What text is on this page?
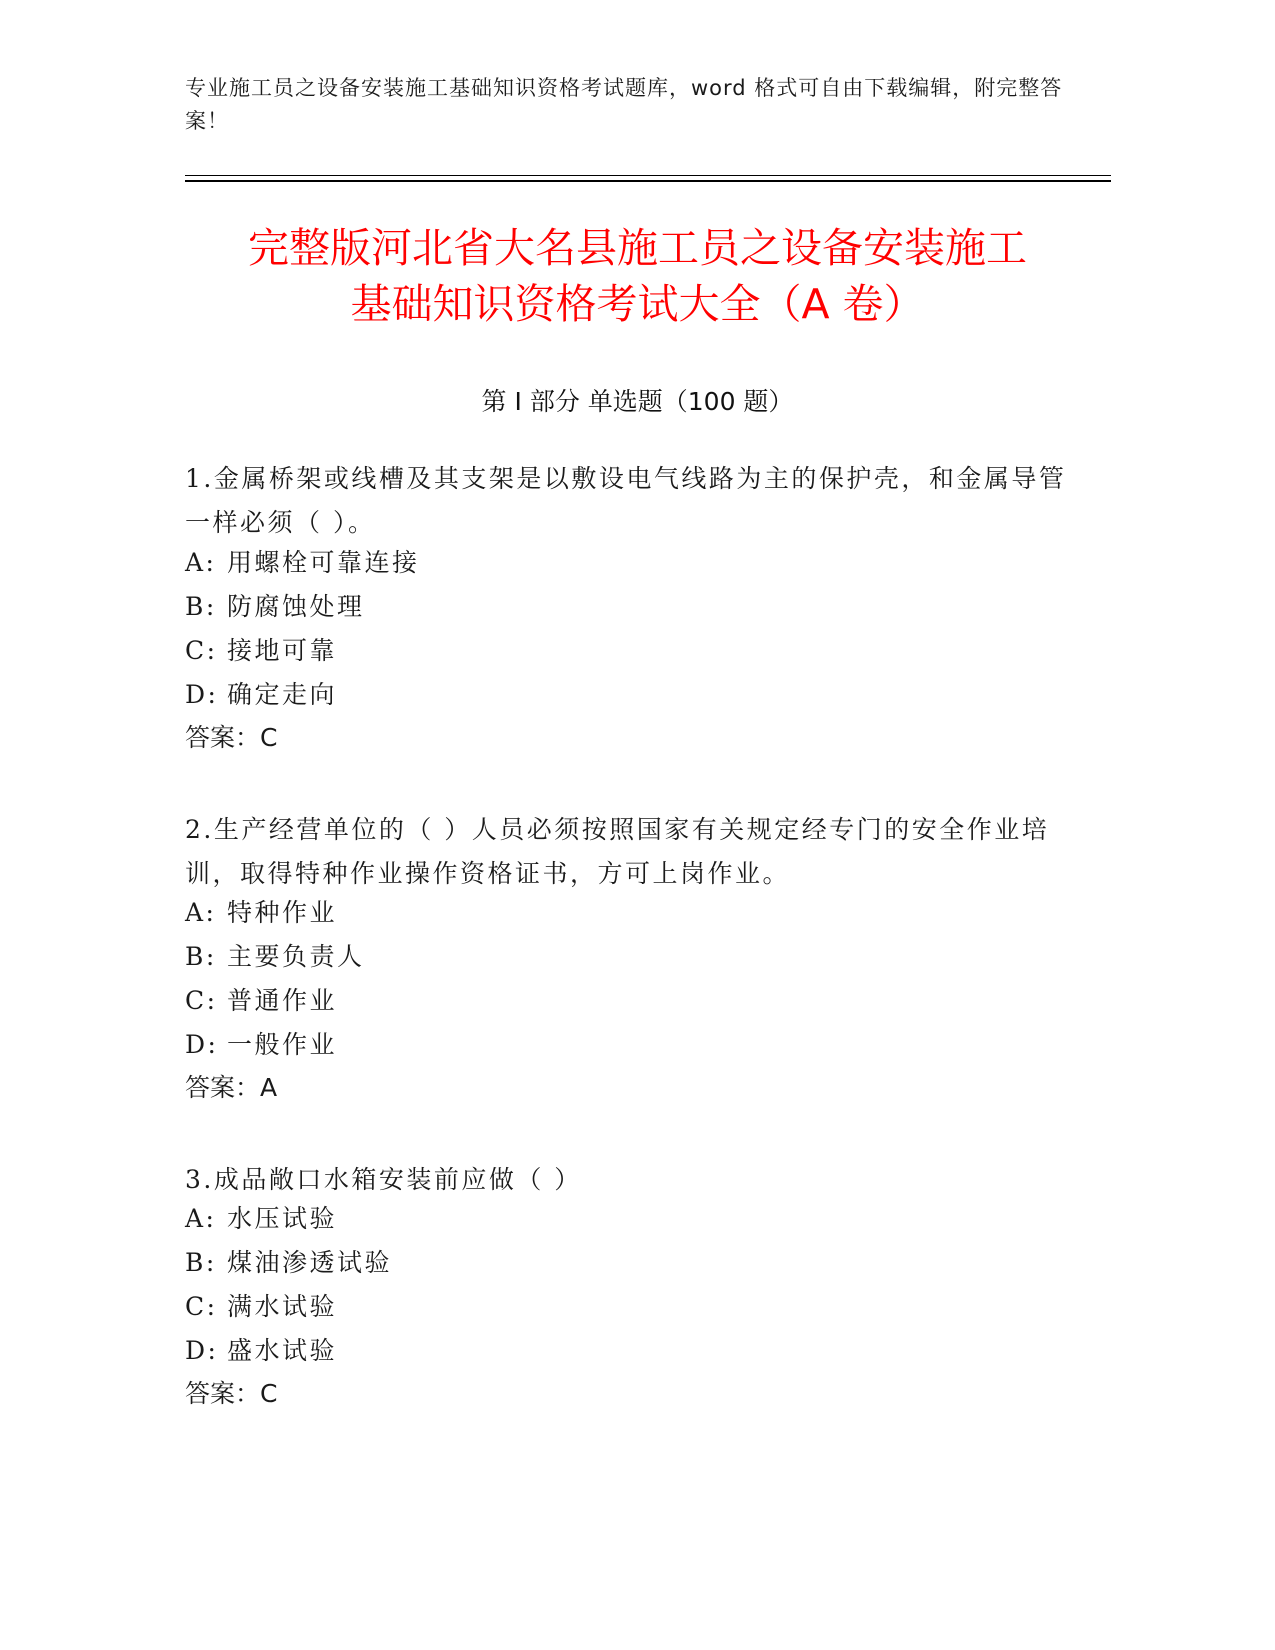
专业施工员之设备安装施工基础知识资格考试题库，word 格式可自由下载编辑，附完整答案！
完整版河北省大名县施工员之设备安装施工
基础知识资格考试大全（A 卷）
第 I 部分 单选题（100 题）
1.金属桥架或线槽及其支架是以敷设电气线路为主的保护壳，和金属导管一样必须（ ）。
A: 用螺栓可靠连接
B: 防腐蚀处理
C: 接地可靠
D: 确定走向
答案：C
2.生产经营单位的（ ）人员必须按照国家有关规定经专门的安全作业培训，取得特种作业操作资格证书，方可上岗作业。
A: 特种作业
B: 主要负责人
C: 普通作业
D: 一般作业
答案：A
3.成品敞口水箱安装前应做（ ）
A: 水压试验
B: 煤油渗透试验
C: 满水试验
D: 盛水试验
答案：C
